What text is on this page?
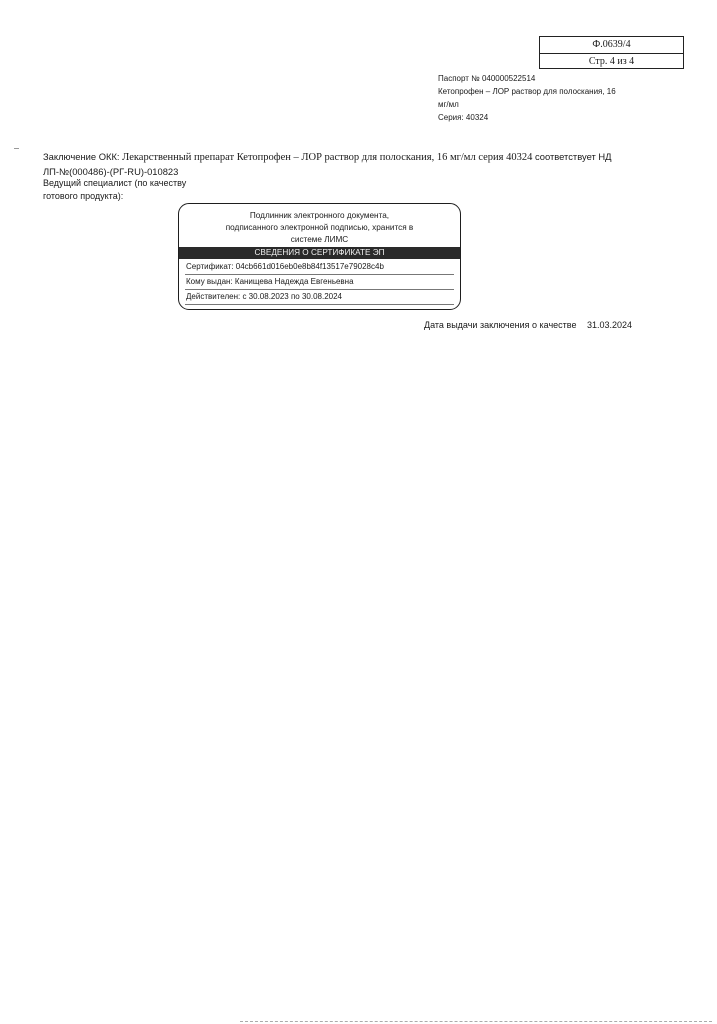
Ф.0639/4
Стр. 4 из 4
Паспорт № 040000522514
Кетопрофен – ЛОР раствор для полоскания, 16
мг/мл
Серия: 40324
Заключение ОКК: Лекарственный препарат Кетопрофен – ЛОР раствор для полоскания, 16 мг/мл серия 40324 соответствует НД
ЛП-№(000486)-(РГ-RU)-010823
Ведущий специалист (по качеству
готового продукта):
Подлинник электронного документа,
подписанного электронной подписью, хранится в
системе ЛИМС
СВЕДЕНИЯ О СЕРТИФИКАТЕ ЭП
Сертификат: 04cb661d016eb0e8b84f13517e79028c4b
Кому выдан: Канищева Надежда Евгеньевна
Действителен: с 30.08.2023 по 30.08.2024
Дата выдачи заключения о качестве 31.03.2024
